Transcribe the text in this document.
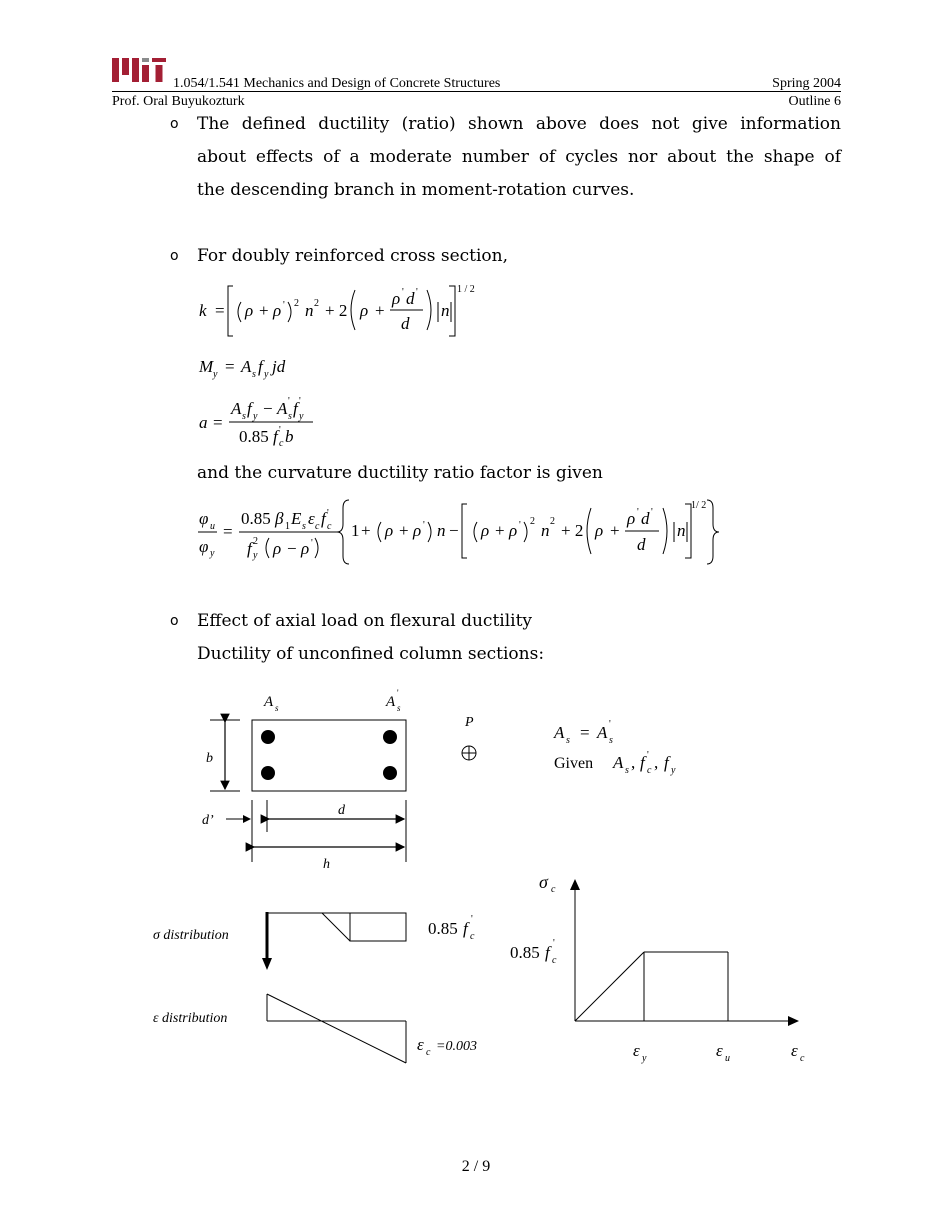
1.054/1.541 Mechanics and Design of Concrete Structures	Spring 2004
Prof. Oral Buyukozturk	Outline 6
o The defined ductility (ratio) shown above does not give information
about effects of a moderate number of cycles nor about the shape of
the descending branch in moment-rotation curves.
o For doubly reinforced cross section,
k = ρ + ρ ' 2 n 2 + 2 ρ +
ρ ' d '
d
n
1 / 2
M y = A s f y jd
a =
A s f y − A s
' f y
'
0.85 f c
' b
and the curvature ductility ratio factor is given
φ u
φ y
=
0.85 β 1 E s ε c f c
'
f y
2 ρ − ρ '
1 + ρ + ρ ' n − ρ + ρ ' 2 n 2 + 2 ρ +
ρ ' d '
d
n
1/ 2
o Effect of axial load on flexural ductility
Ductility of unconfined column sections:
A s	A s
'
b
d’
d
h
P
A s = A s
'
Given A s , f c
' , f y
σ distribution	0.85 f c
'
ε distribution
ε c =0.003
σ c
0.85 f c
'
ε y	ε u	ε c
2 / 9
